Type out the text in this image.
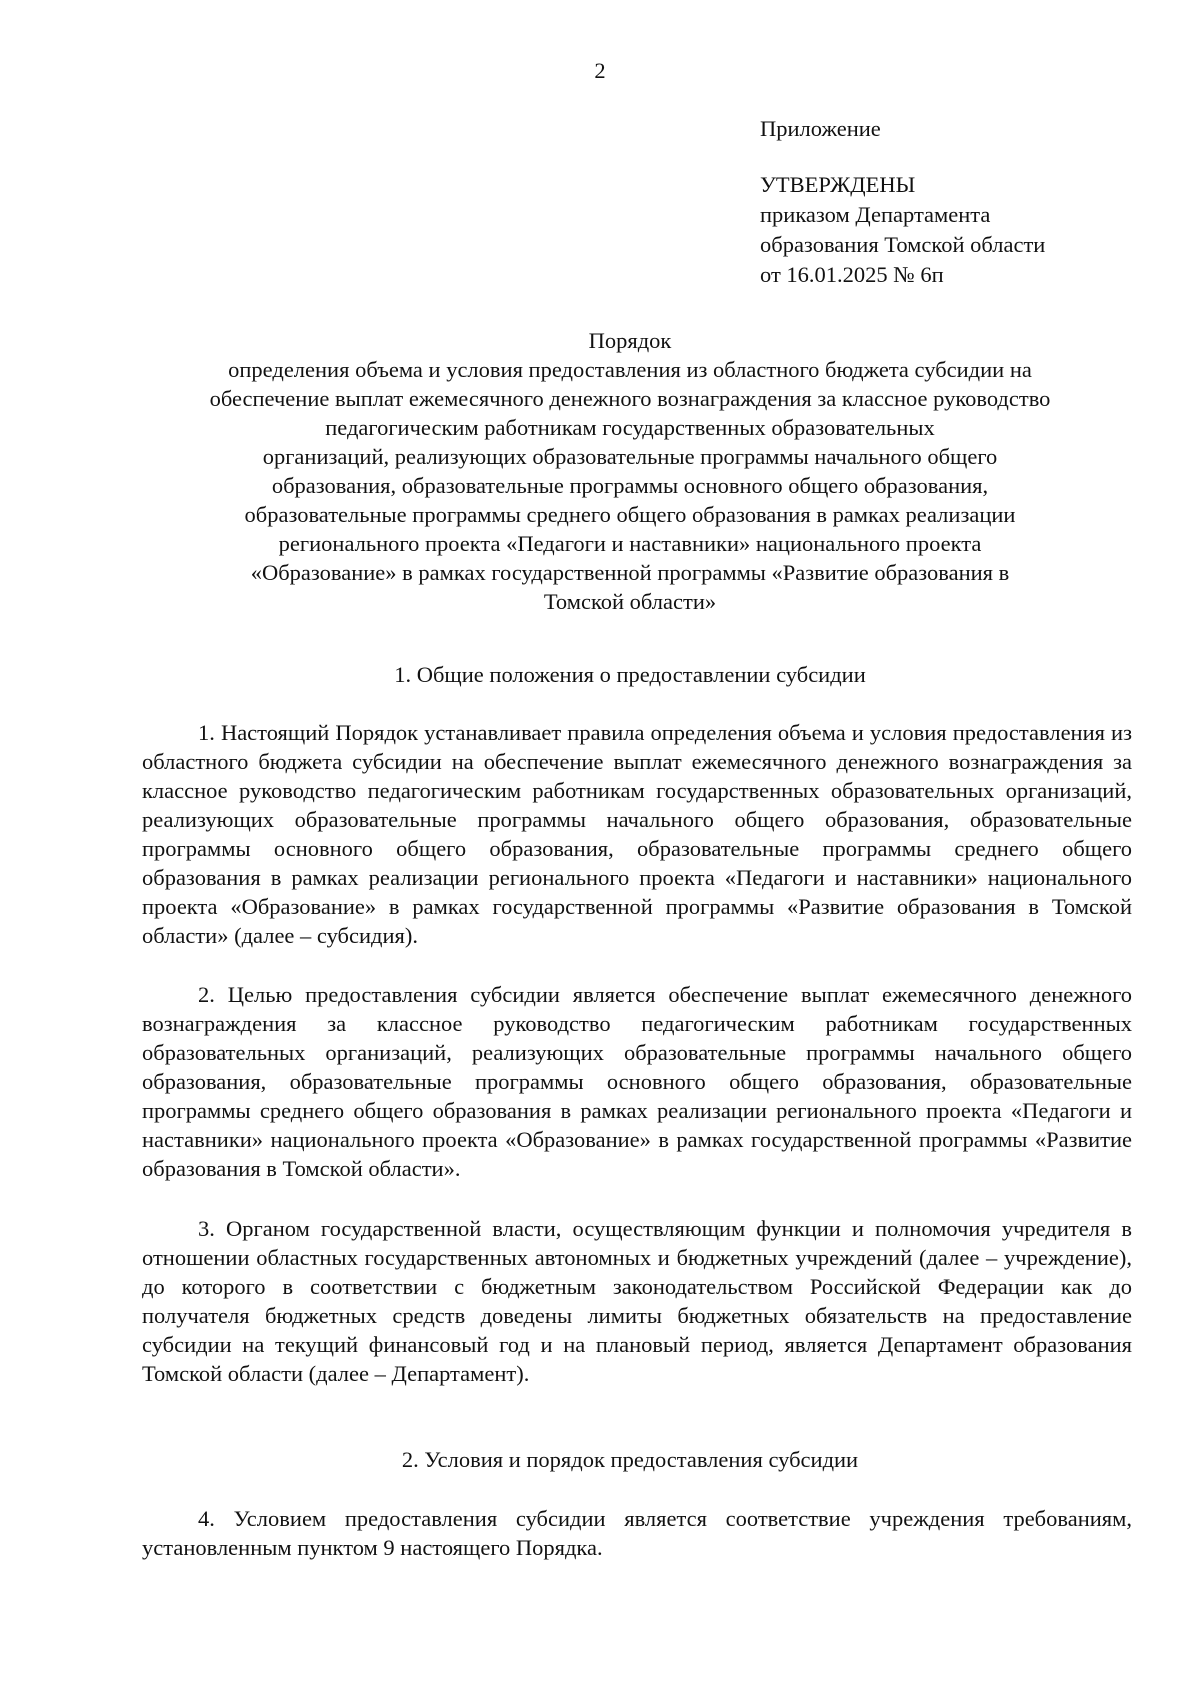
2
Приложение
УТВЕРЖДЕНЫ
приказом Департамента
образования Томской области
от 16.01.2025 № 6п
Порядок
определения объема и условия предоставления из областного бюджета субсидии на
обеспечение выплат ежемесячного денежного вознаграждения за классное руководство
педагогическим работникам государственных образовательных
организаций, реализующих образовательные программы начального общего
образования, образовательные программы основного общего образования,
образовательные программы среднего общего образования в рамках реализации
регионального проекта «Педагоги и наставники» национального проекта
«Образование» в рамках государственной программы «Развитие образования в
Томской области»
1. Общие положения о предоставлении субсидии
1. Настоящий Порядок устанавливает правила определения объема и условия предоставления из областного бюджета субсидии на обеспечение выплат ежемесячного денежного вознаграждения за классное руководство педагогическим работникам государственных образовательных организаций, реализующих образовательные программы начального общего образования, образовательные программы основного общего образования, образовательные программы среднего общего образования в рамках реализации регионального проекта «Педагоги и наставники» национального проекта «Образование» в рамках государственной программы «Развитие образования в Томской области» (далее – субсидия).
2. Целью предоставления субсидии является обеспечение выплат ежемесячного денежного вознаграждения за классное руководство педагогическим работникам государственных образовательных организаций, реализующих образовательные программы начального общего образования, образовательные программы основного общего образования, образовательные программы среднего общего образования в рамках реализации регионального проекта «Педагоги и наставники» национального проекта «Образование» в рамках государственной программы «Развитие образования в Томской области».
3. Органом государственной власти, осуществляющим функции и полномочия учредителя в отношении областных государственных автономных и бюджетных учреждений (далее – учреждение), до которого в соответствии с бюджетным законодательством Российской Федерации как до получателя бюджетных средств доведены лимиты бюджетных обязательств на предоставление субсидии на текущий финансовый год и на плановый период, является Департамент образования Томской области (далее – Департамент).
2. Условия и порядок предоставления субсидии
4. Условием предоставления субсидии является соответствие учреждения требованиям, установленным пунктом 9 настоящего Порядка.
